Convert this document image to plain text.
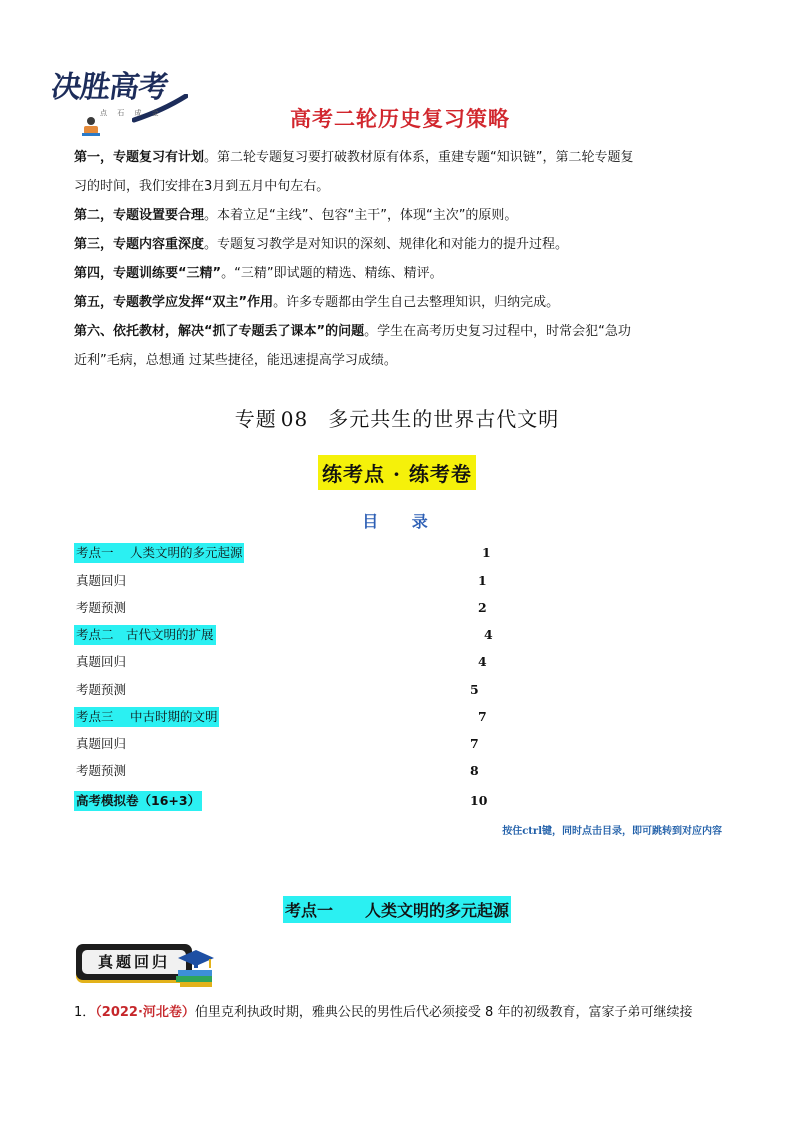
决胜高考
点 石 成 金	高考二轮历史复习策略

第一，专题复习有计划。第二轮专题复习要打破教材原有体系，重建专题“知识链”，第二轮专题复

习的时间，我们安排在3月到五月中旬左右。

第二，专题设置要合理。本着立足“主线”、包容“主干”，体现“主次”的原则。

第三，专题内容重深度。专题复习教学是对知识的深刻、规律化和对能力的提升过程。

第四，专题训练要“三精”。“三精”即试题的精选、精练、精评。

第五，专题教学应发挥“双主”作用。许多专题都由学生自己去整理知识，归纳完成。

第六、依托教材，解决“抓了专题丢了课本”的问题。学生在高考历史复习过程中，时常会犯“急功

近利”毛病，总想通 过某些捷径，能迅速提高学习成绩。

专题 08 多元共生的世界古代文明
练考点 · 练考卷
目 录
考点一　 人类文明的多元起源	1
真题回归	1
考题预测	2
考点二　古代文明的扩展	4
真题回归	4
考题预测	5
考点三　 中古时期的文明	7
真题回归	7
考题预测	8
高考模拟卷（16+3）	10
按住ctrl键，同时点击目录，即可跳转到对应内容
考点一　　人类文明的多元起源
真题回归
1．（2022·河北卷）伯里克利执政时期，雅典公民的男性后代必须接受 8 年的初级教育，富家子弟可继续接
